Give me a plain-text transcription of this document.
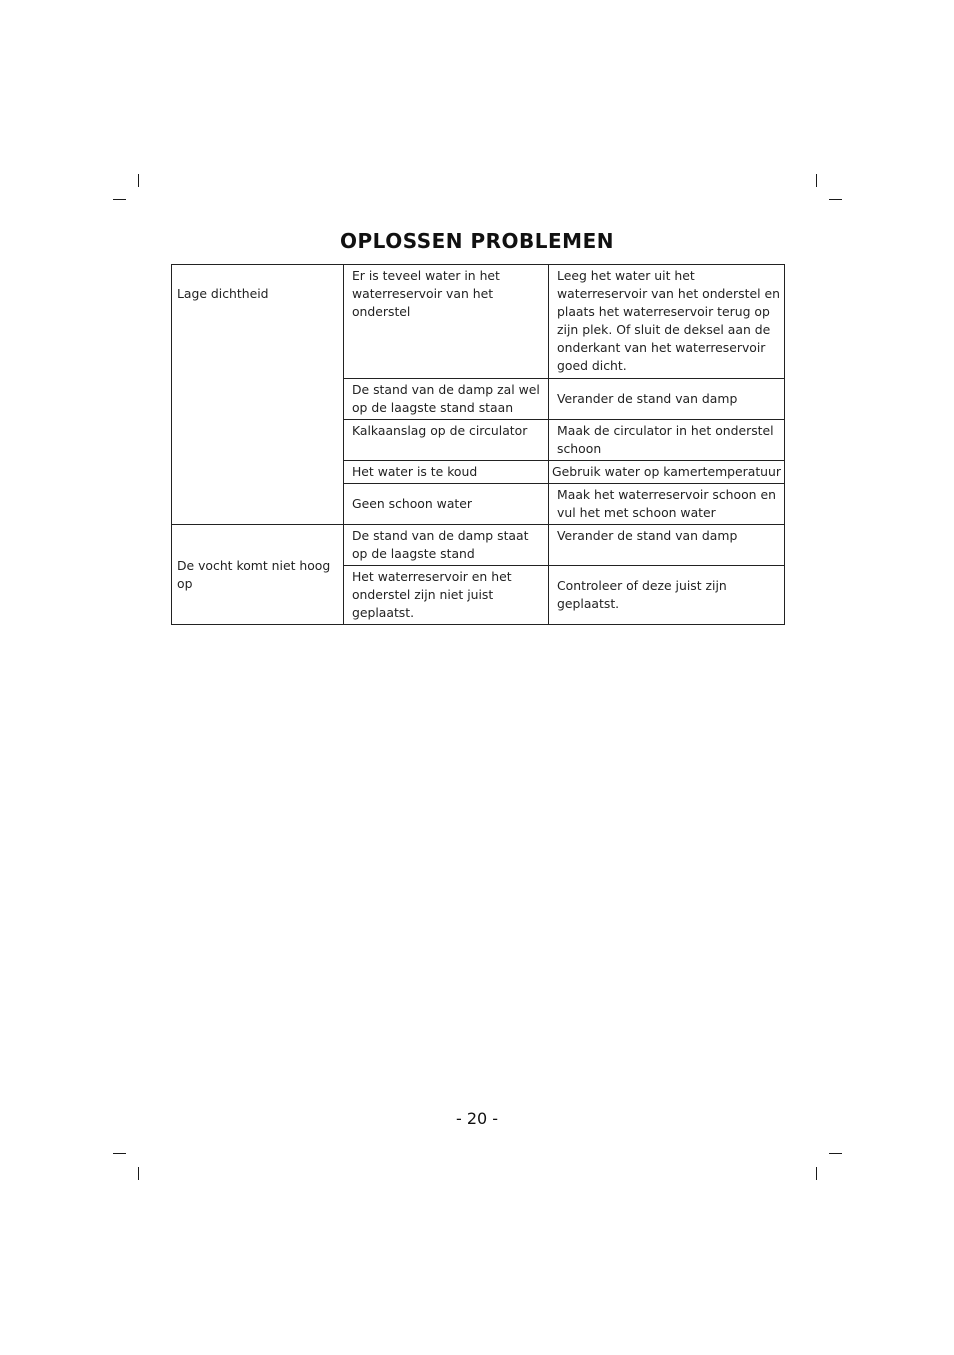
OPLOSSEN PROBLEMEN
Lage dichtheid	Er is teveel water in het waterreservoir van het onderstel	Leeg het water uit het waterreservoir van het onderstel en plaats het waterreservoir terug op zijn plek. Of sluit de deksel aan de onderkant van het waterreservoir goed dicht.
	De stand van de damp zal wel op de laagste stand staan	Verander de stand van damp
	Kalkaanslag op de circulator	Maak de circulator in het onderstel schoon
	Het water is te koud	Gebruik water op kamertemperatuur
	Geen schoon water	Maak het waterreservoir schoon en vul het met schoon water
De vocht komt niet hoog op	De stand van de damp staat op de laagste stand	Verander de stand van damp
	Het waterreservoir en het onderstel zijn niet juist geplaatst.	Controleer of deze juist zijn geplaatst.
- 20 -
